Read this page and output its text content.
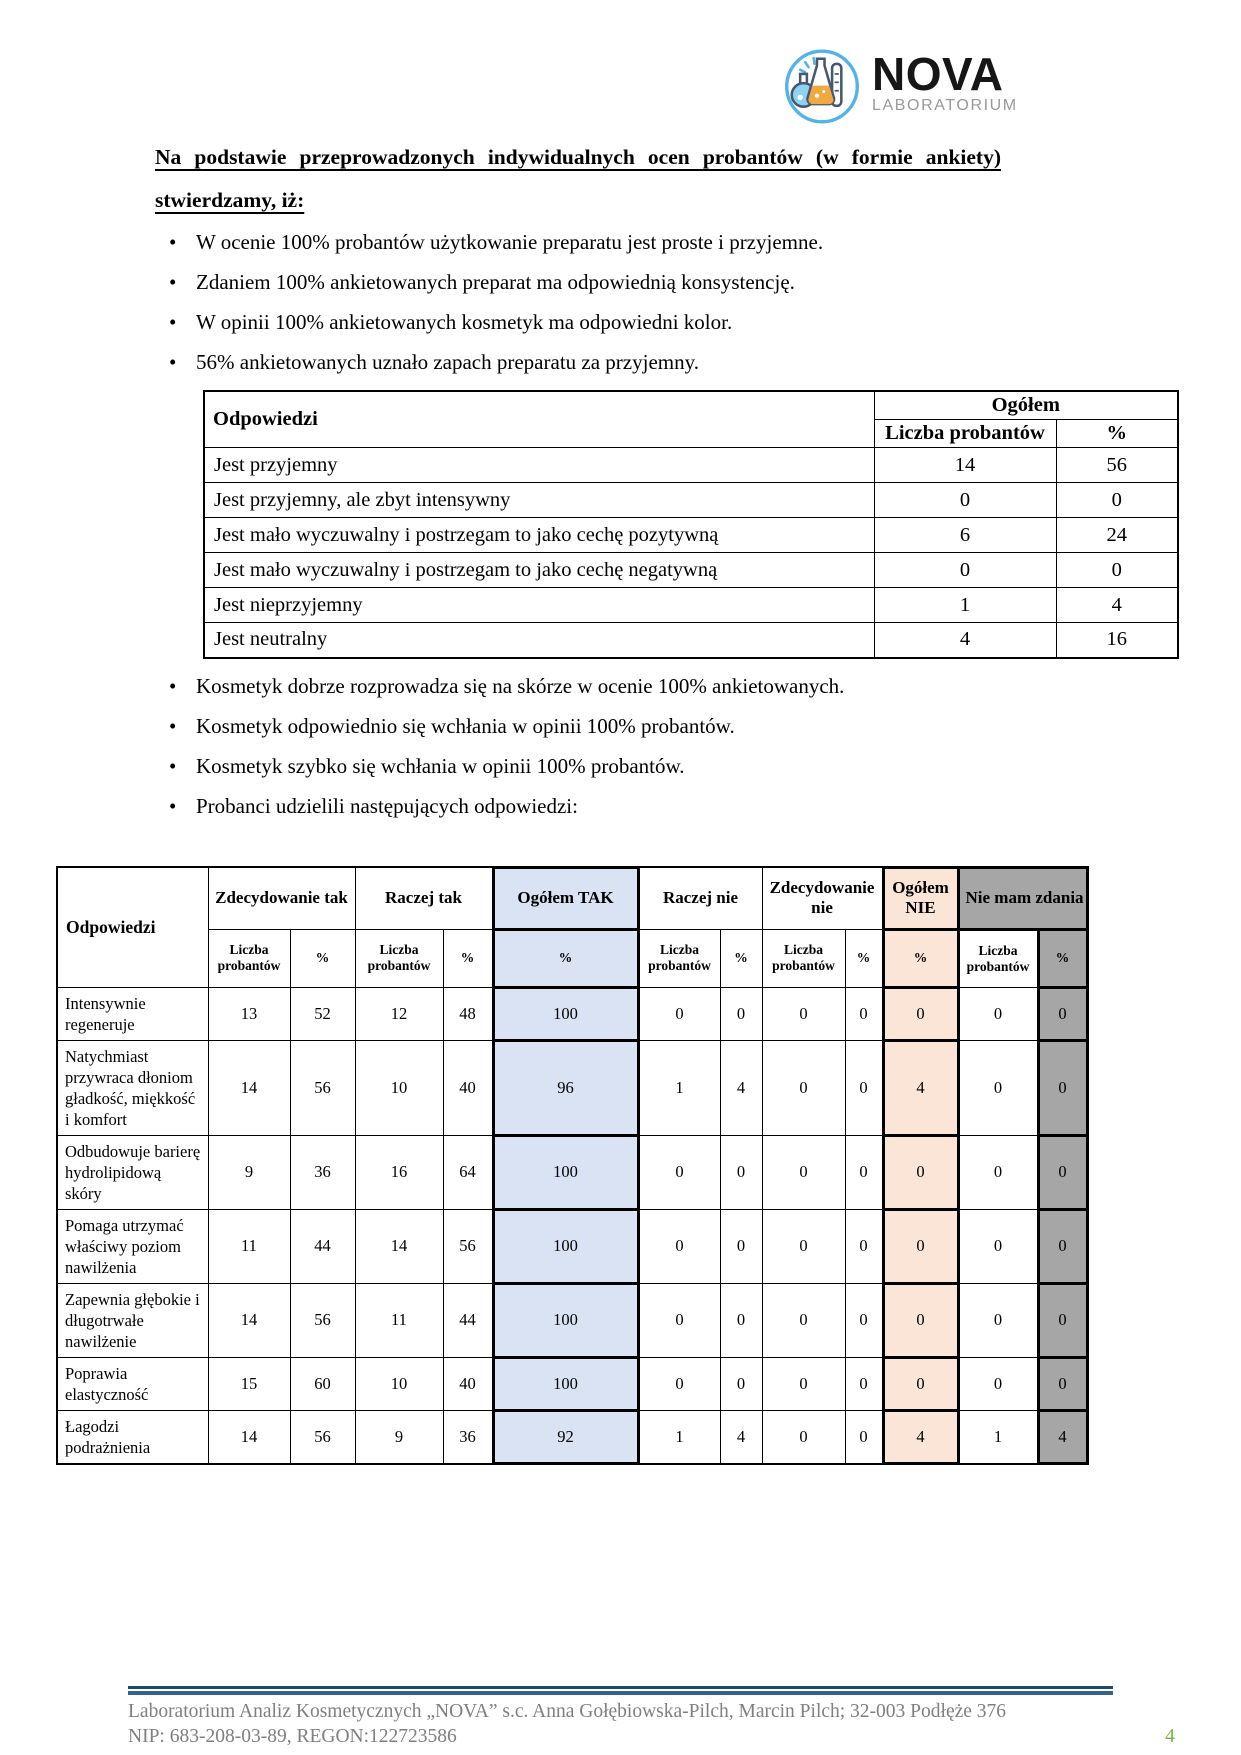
NOVA
LABORATORIUM

Na podstawie przeprowadzonych indywidualnych ocen probantów (w formie ankiety)
stwierdzamy, iż:

• W ocenie 100% probantów użytkowanie preparatu jest proste i przyjemne.
• Zdaniem 100% ankietowanych preparat ma odpowiednią konsystencję.
• W opinii 100% ankietowanych kosmetyk ma odpowiedni kolor.
• 56% ankietowanych uznało zapach preparatu za przyjemny.
Odpowiedzi	Ogółem	
	Liczba probantów	%
Jest przyjemny	14	56
Jest przyjemny, ale zbyt intensywny	0	0
Jest mało wyczuwalny i postrzegam to jako cechę pozytywną	6	24
Jest mało wyczuwalny i postrzegam to jako cechę negatywną	0	0
Jest nieprzyjemny	1	4
Jest neutralny	4	16
• Kosmetyk dobrze rozprowadza się na skórze w ocenie 100% ankietowanych.
• Kosmetyk odpowiednio się wchłania w opinii 100% probantów.
• Kosmetyk szybko się wchłania w opinii 100% probantów.
• Probanci udzielili następujących odpowiedzi:
Odpowiedzi	Zdecydowanie tak		Raczej tak		Ogółem TAK	Raczej nie		Zdecydowanie nie		Ogółem NIE	Nie mam zdania	
	Liczba probantów	%	Liczba probantów	%	%	Liczba probantów	%	Liczba probantów	%	%	Liczba probantów	%
Intensywnie regeneruje	13	52	12	48	100	0	0	0	0	0	0	0
Natychmiast przywraca dłoniom gładkość, miękkość i komfort	14	56	10	40	96	1	4	0	0	4	0	0
Odbudowuje barierę hydrolipidową skóry	9	36	16	64	100	0	0	0	0	0	0	0
Pomaga utrzymać właściwy poziom nawilżenia	11	44	14	56	100	0	0	0	0	0	0	0
Zapewnia głębokie i długotrwałe nawilżenie	14	56	11	44	100	0	0	0	0	0	0	0
Poprawia elastyczność	15	60	10	40	100	0	0	0	0	0	0	0
Łagodzi podrażnienia	14	56	9	36	92	1	4	0	0	4	1	4
Laboratorium Analiz Kosmetycznych „NOVA” s.c. Anna Gołębiowska-Pilch, Marcin Pilch; 32-003 Podłęże 376
NIP: 683-208-03-89, REGON:122723586	4
